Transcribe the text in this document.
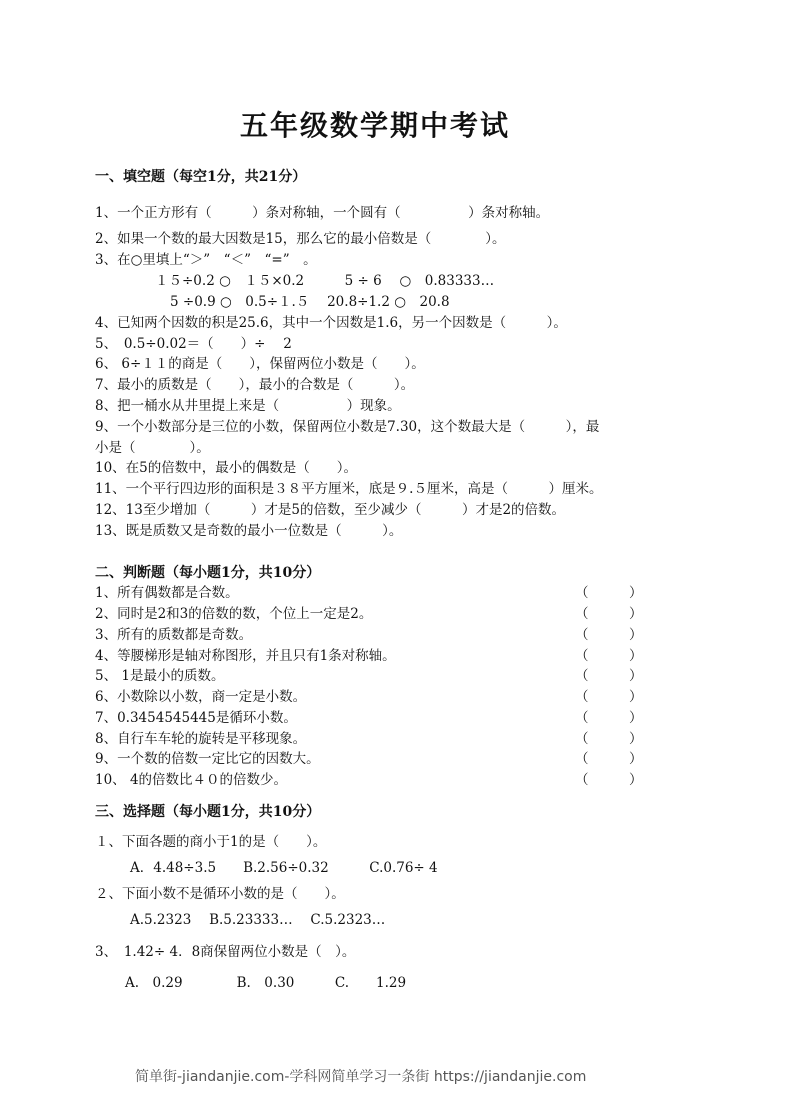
五年级数学期中考试
一、填空题（每空1分，共21分）
1、一个正方形有（　　　）条对称轴，一个圆有（　　　　　）条对称轴。
2、如果一个数的最大因数是15，那么它的最小倍数是（　　　　）。
3、在○里填上“＞”　“＜”　“=”　。
１５÷0.2 ○　１５×0.2　　　5 ÷ 6　 ○　0.83333…
5 ÷0.9 ○　0.5÷１.５　 20.8÷1.2 ○　20.8
4、已知两个因数的积是25.6，其中一个因数是1.6，另一个因数是（　　　）。
5、　0.5÷0.02＝（　　）÷　 2
6、 6÷１１的商是（　　），保留两位小数是（　　）。
7、最小的质数是（　　），最小的合数是（　　　）。
8、把一桶水从井里提上来是（　　　　　）现象。
9、一个小数部分是三位的小数，保留两位小数是7.30，这个数最大是（　　　），最
小是（　　　　）。
10、在5的倍数中，最小的偶数是（　　）。
11、一个平行四边形的面积是３８平方厘米，底是９.５厘米，高是（　　　）厘米。
12、13至少增加（　　　）才是5的倍数，至少减少（　　　）才是2的倍数。
13、既是质数又是奇数的最小一位数是（　　　）。
二、判断题（每小题1分，共10分）
1、所有偶数都是合数。	（　　　）
2、同时是2和3的倍数的数，个位上一定是2。	（　　　）
3、所有的质数都是奇数。	（　　　）
4、等腰梯形是轴对称图形，并且只有1条对称轴。	（　　　）
5、 1是最小的质数。	（　　　）
6、小数除以小数，商一定是小数。	（　　　）
7、0.3454545445是循环小数。	（　　　）
8、自行车车轮的旋转是平移现象。	（　　　）
9、一个数的倍数一定比它的因数大。	（　　　）
10、 4的倍数比４０的倍数少。	（　　　）
三、选择题（每小题1分，共10分）
１、下面各题的商小于1的是（　　）。
A．4.48÷3.5　　B.2.56÷0.32　　　C.0.76÷ 4
２、下面小数不是循环小数的是（　　）。
A.5.2323　 B.5.23333…　 C.5.2323…
3、　1.42÷ 4．8商保留两位小数是（　）。
A.　0.29　　　　B.　0.30　　　C.　　1.29
简单街-jiandanjie.com-学科网简单学习一条街 https://jiandanjie.com
